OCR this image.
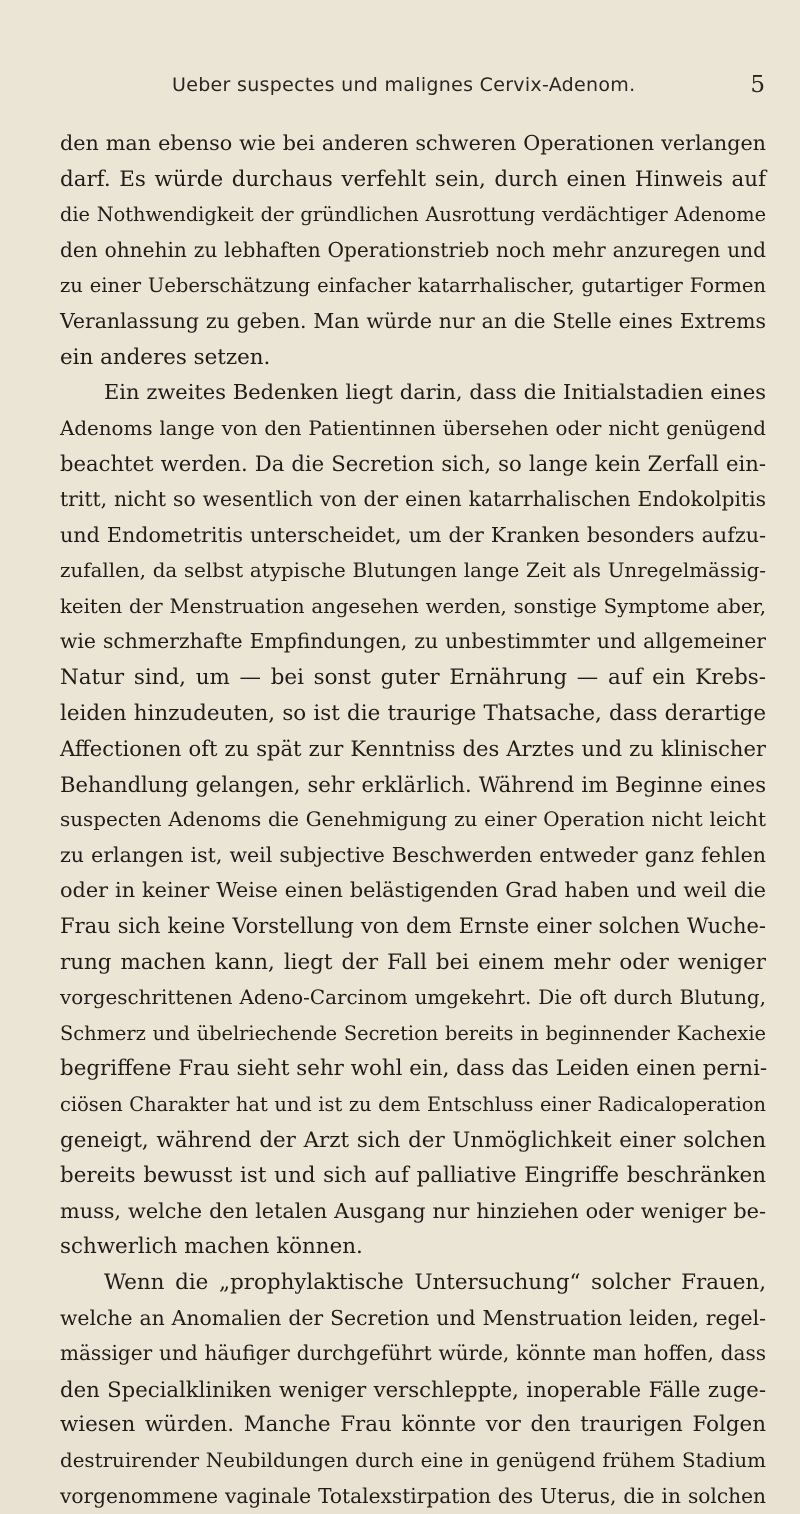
Ueber suspectes und malignes Cervix-Adenom.	5
den man ebenso wie bei anderen schweren Operationen verlangen
darf. Es würde durchaus verfehlt sein, durch einen Hinweis auf
die Nothwendigkeit der gründlichen Ausrottung verdächtiger Adenome
den ohnehin zu lebhaften Operationstrieb noch mehr anzuregen und
zu einer Ueberschätzung einfacher katarrhalischer, gutartiger Formen
Veranlassung zu geben. Man würde nur an die Stelle eines Extrems
ein anderes setzen.
Ein zweites Bedenken liegt darin, dass die Initialstadien eines
Adenoms lange von den Patientinnen übersehen oder nicht genügend
beachtet werden. Da die Secretion sich, so lange kein Zerfall ein-
tritt, nicht so wesentlich von der einen katarrhalischen Endokolpitis
und Endometritis unterscheidet, um der Kranken besonders aufzu-
zufallen, da selbst atypische Blutungen lange Zeit als Unregelmässig-
keiten der Menstruation angesehen werden, sonstige Symptome aber,
wie schmerzhafte Empfindungen, zu unbestimmter und allgemeiner
Natur sind, um — bei sonst guter Ernährung — auf ein Krebs-
leiden hinzudeuten, so ist die traurige Thatsache, dass derartige
Affectionen oft zu spät zur Kenntniss des Arztes und zu klinischer
Behandlung gelangen, sehr erklärlich. Während im Beginne eines
suspecten Adenoms die Genehmigung zu einer Operation nicht leicht
zu erlangen ist, weil subjective Beschwerden entweder ganz fehlen
oder in keiner Weise einen belästigenden Grad haben und weil die
Frau sich keine Vorstellung von dem Ernste einer solchen Wuche-
rung machen kann, liegt der Fall bei einem mehr oder weniger
vorgeschrittenen Adeno-Carcinom umgekehrt. Die oft durch Blutung,
Schmerz und übelriechende Secretion bereits in beginnender Kachexie
begriffene Frau sieht sehr wohl ein, dass das Leiden einen perni-
ciösen Charakter hat und ist zu dem Entschluss einer Radicaloperation
geneigt, während der Arzt sich der Unmöglichkeit einer solchen
bereits bewusst ist und sich auf palliative Eingriffe beschränken
muss, welche den letalen Ausgang nur hinziehen oder weniger be-
schwerlich machen können.
Wenn die „prophylaktische Untersuchung“ solcher Frauen,
welche an Anomalien der Secretion und Menstruation leiden, regel-
mässiger und häufiger durchgeführt würde, könnte man hoffen, dass
den Specialkliniken weniger verschleppte, inoperable Fälle zuge-
wiesen würden. Manche Frau könnte vor den traurigen Folgen
destruirender Neubildungen durch eine in genügend frühem Stadium
vorgenommene vaginale Totalexstirpation des Uterus, die in solchen
